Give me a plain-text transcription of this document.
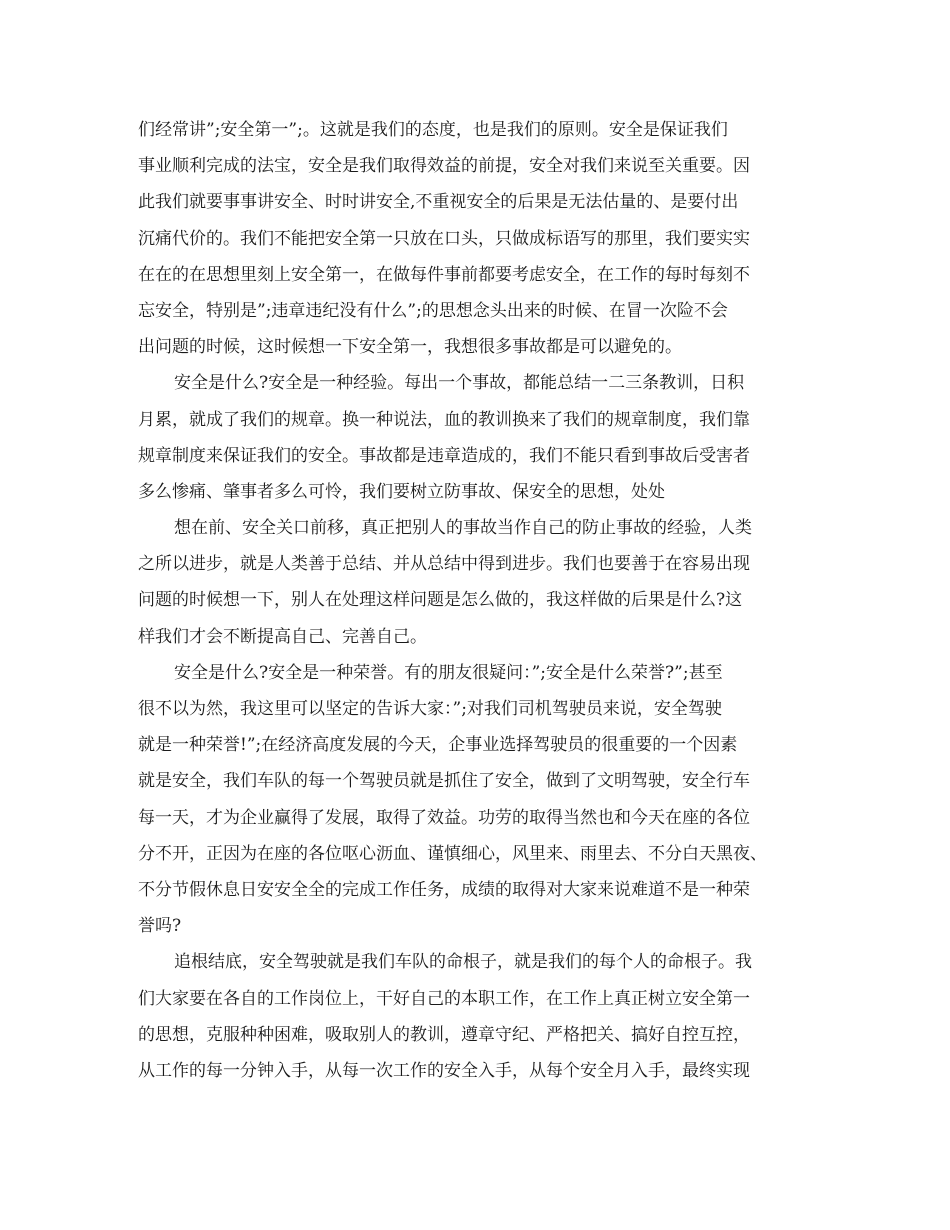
们经常讲”;安全第一”;。这就是我们的态度，也是我们的原则。安全是保证我们
事业顺利完成的法宝，安全是我们取得效益的前提，安全对我们来说至关重要。因
此我们就要事事讲安全、时时讲安全,不重视安全的后果是无法估量的、是要付出
沉痛代价的。我们不能把安全第一只放在口头，只做成标语写的那里，我们要实实
在在的在思想里刻上安全第一，在做每件事前都要考虑安全，在工作的每时每刻不
忘安全，特别是”;违章违纪没有什么”;的思想念头出来的时候、在冒一次险不会
出问题的时候，这时候想一下安全第一，我想很多事故都是可以避免的。
安全是什么?安全是一种经验。每出一个事故，都能总结一二三条教训，日积
月累，就成了我们的规章。换一种说法，血的教训换来了我们的规章制度，我们靠
规章制度来保证我们的安全。事故都是违章造成的，我们不能只看到事故后受害者
多么惨痛、肇事者多么可怜，我们要树立防事故、保安全的思想，处处
想在前、安全关口前移，真正把别人的事故当作自己的防止事故的经验，人类
之所以进步，就是人类善于总结、并从总结中得到进步。我们也要善于在容易出现
问题的时候想一下，别人在处理这样问题是怎么做的，我这样做的后果是什么?这
样我们才会不断提高自己、完善自己。
安全是什么?安全是一种荣誉。有的朋友很疑问：”;安全是什么荣誉?”;甚至
很不以为然，我这里可以坚定的告诉大家：”;对我们司机驾驶员来说，安全驾驶
就是一种荣誉!”;在经济高度发展的今天，企事业选择驾驶员的很重要的一个因素
就是安全，我们车队的每一个驾驶员就是抓住了安全，做到了文明驾驶，安全行车
每一天，才为企业赢得了发展，取得了效益。功劳的取得当然也和今天在座的各位
分不开，正因为在座的各位呕心沥血、谨慎细心，风里来、雨里去、不分白天黑夜、
不分节假休息日安安全全的完成工作任务，成绩的取得对大家来说难道不是一种荣
誉吗?
追根结底，安全驾驶就是我们车队的命根子，就是我们的每个人的命根子。我
们大家要在各自的工作岗位上，干好自己的本职工作，在工作上真正树立安全第一
的思想，克服种种困难，吸取别人的教训，遵章守纪、严格把关、搞好自控互控，
从工作的每一分钟入手，从每一次工作的安全入手，从每个安全月入手，最终实现
